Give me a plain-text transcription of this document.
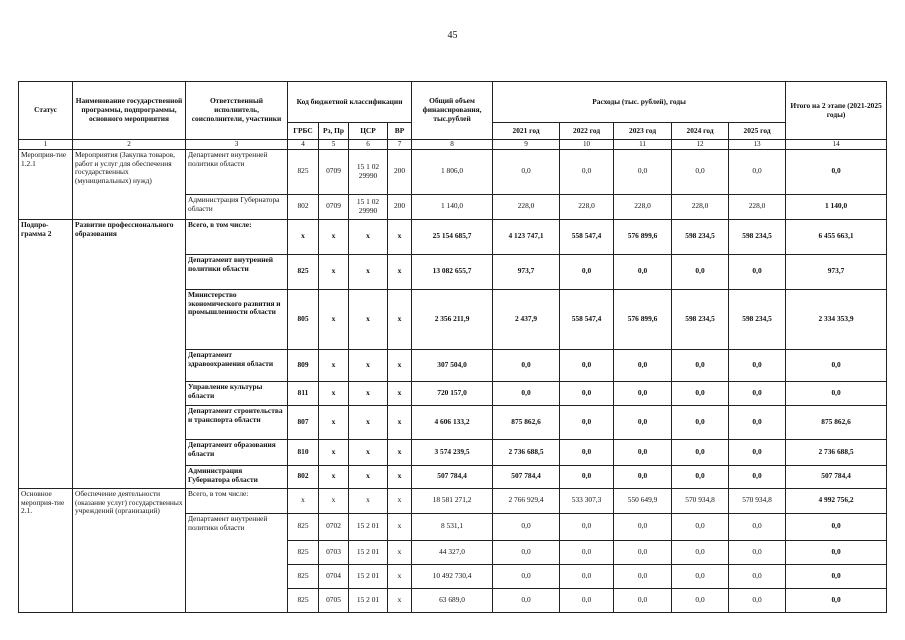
45
Статус	Наименование государственной программы, подпрограммы, основного мероприятия	Ответственный исполнитель, соисполнители, участники	Код бюджетной классификации				Общий объем финансирования, тыс.рублей	Расходы (тыс. рублей), годы					Итого на 2 этапе (2021-2025 годы)
			ГРБС	Рз, Пр	ЦСР	ВР		2021 год	2022 год	2023 год	2024 год	2025 год	
1	2	3	4	5	6	7	8	9	10	11	12	13	14
Мероприя-тие 1.2.1	Мероприятия (Закупка товаров, работ и услуг для обеспечения государственных (муниципальных) нужд)	Департамент внутренней политики области	825	0709	15 1 02 29990	200	1 806,0	0,0	0,0	0,0	0,0	0,0	0,0
		Администрация Губернатора области	802	0709	15 1 02 29990	200	1 140,0	228,0	228,0	228,0	228,0	228,0	1 140,0
Подпро-грамма 2	Развитие профессионального образования	Всего, в том числе:	х	х	х	х	25 154 685,7	4 123 747,1	558 547,4	576 899,6	598 234,5	598 234,5	6 455 663,1
		Департамент внутренней политики области	825	х	х	х	13 082 655,7	973,7	0,0	0,0	0,0	0,0	973,7
		Министерство экономического развития и промышленности области	805	х	х	х	2 356 211,9	2 437,9	558 547,4	576 899,6	598 234,5	598 234,5	2 334 353,9
		Департамент здравоохранения области	809	х	х	х	307 504,0	0,0	0,0	0,0	0,0	0,0	0,0
		Управление культуры области	811	х	х	х	720 157,0	0,0	0,0	0,0	0,0	0,0	0,0
		Департамент строительства и транспорта области	807	х	х	х	4 606 133,2	875 862,6	0,0	0,0	0,0	0,0	875 862,6
		Департамент образования области	810	х	х	х	3 574 239,5	2 736 688,5	0,0	0,0	0,0	0,0	2 736 688,5
		Администрация Губернатора области	802	х	х	х	507 784,4	507 784,4	0,0	0,0	0,0	0,0	507 784,4
Основное мероприя-тие 2.1.	Обеспечение деятельности (оказание услуг) государственных учреждений (организаций)	Всего, в том числе:	х	х	х	х	18 581 271,2	2 766 929,4	533 307,3	550 649,9	570 934,8	570 934,8	4 992 756,2
		Департамент внутренней политики области	825	0702	15 2 01	х	8 531,1	0,0	0,0	0,0	0,0	0,0	0,0
			825	0703	15 2 01	х	44 327,0	0,0	0,0	0,0	0,0	0,0	0,0
			825	0704	15 2 01	х	10 492 730,4	0,0	0,0	0,0	0,0	0,0	0,0
			825	0705	15 2 01	х	63 689,0	0,0	0,0	0,0	0,0	0,0	0,0
